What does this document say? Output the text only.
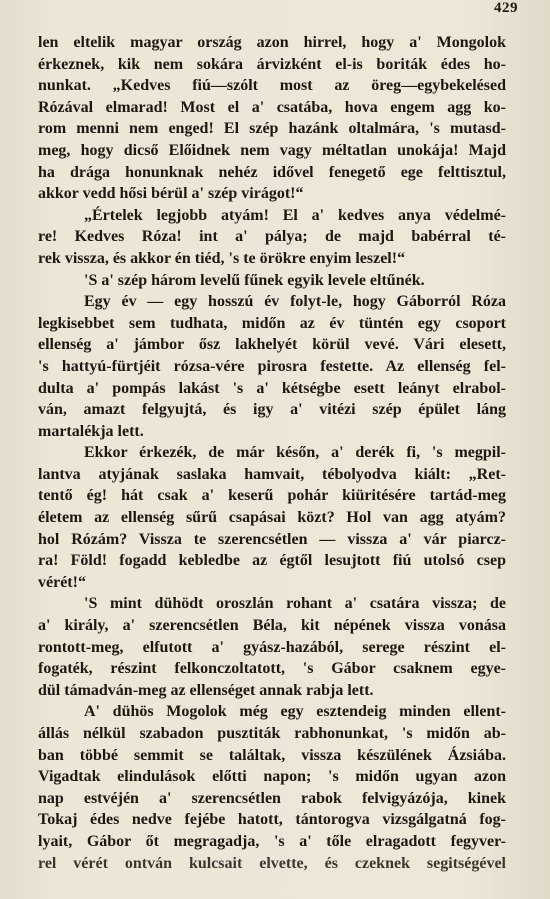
429
len eltelik magyar ország azon hirrel, hogy a' Mongolok
érkeznek, kik nem sokára árvizként el-is boriták édes ho-
nunkat. „Kedves fiú—szólt most az öreg—egybekelésed
Rózával elmarad! Most el a' csatába, hova engem agg ko-
rom menni nem enged! El szép hazánk oltalmára, 's mutasd-
meg, hogy dicső Előidnek nem vagy méltatlan unokája! Majd
ha drága honunknak nehéz idővel fenegető ege felttisztul,
akkor vedd hősi bérül a' szép virágot!“
„Értelek legjobb atyám! El a' kedves anya védelmé-
re! Kedves Róza! int a' pálya; de majd babérral té-
rek vissza, és akkor én tiéd, 's te örökre enyim leszel!“
'S a' szép három levelű fűnek egyik levele eltűnék.
Egy év — egy hosszú év folyt-le, hogy Gáborról Róza
legkisebbet sem tudhata, midőn az év tüntén egy csoport
ellenség a' jámbor ősz lakhelyét körül vevé. Vári elesett,
's hattyú-fürtjéit rózsa-vére pirosra festette. Az ellenség fel-
dulta a' pompás lakást 's a' kétségbe esett leányt elrabol-
ván, amazt felgyujtá, és igy a' vitézi szép épület láng
martalékja lett.
Ekkor érkezék, de már későn, a' derék fi, 's megpil-
lantva atyjának saslaka hamvait, tébolyodva kiált: „Ret-
tentő ég! hát csak a' keserű pohár kiüritésére tartád-meg
életem az ellenség sűrű csapásai közt? Hol van agg atyám?
hol Rózám? Vissza te szerencsétlen — vissza a' vár piarcz-
ra! Föld! fogadd kebledbe az égtől lesujtott fiú utolsó csep
vérét!“
'S mint dühödt oroszlán rohant a' csatára vissza; de
a' király, a' szerencsétlen Béla, kit népének vissza vonása
rontott-meg, elfutott a' gyász-hazából, serege részint el-
fogaték, részint felkonczoltatott, 's Gábor csaknem egye-
dül támadván-meg az ellenséget annak rabja lett.
A' dühös Mogolok még egy esztendeig minden ellent-
állás nélkül szabadon pusztiták rabhonunkat, 's midőn ab-
ban többé semmit se találtak, vissza készülének Ázsiába.
Vigadtak elindulások előtti napon; 's midőn ugyan azon
nap estvéjén a' szerencsétlen rabok felvigyázója, kinek
Tokaj édes nedve fejébe hatott, tántorogva vizsgálgatná fog-
lyait, Gábor őt megragadja, 's a' tőle elragadott fegyver-
rel vérét ontván kulcsait elvette, és czeknek segitségével
